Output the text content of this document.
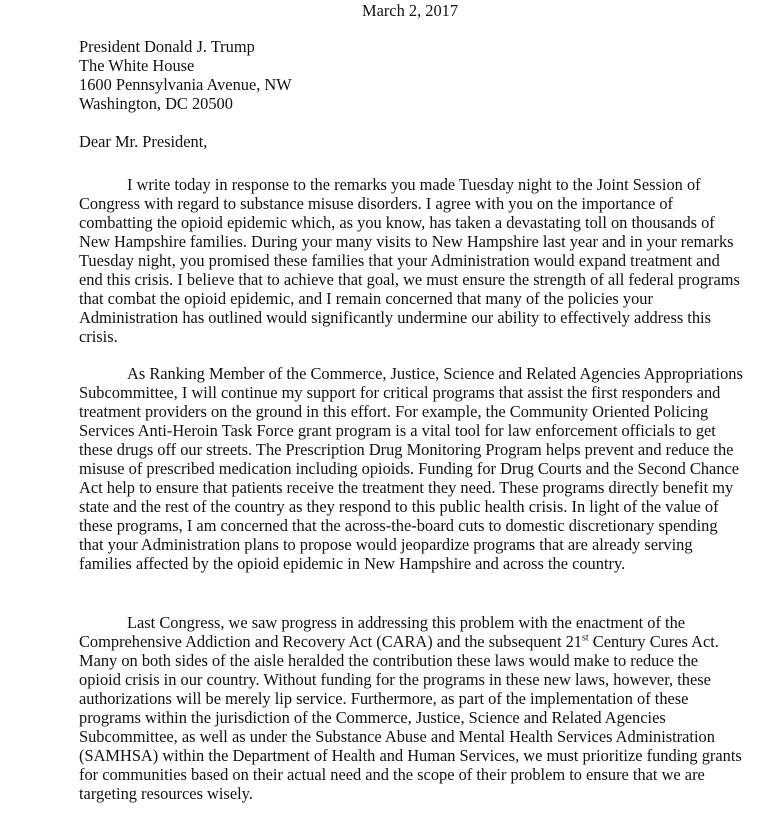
March 2, 2017
President Donald J. Trump
The White House
1600 Pennsylvania Avenue, NW
Washington, DC 20500
Dear Mr. President,

I write today in response to the remarks you made Tuesday night to the Joint Session of Congress with regard to substance misuse disorders. I agree with you on the importance of combatting the opioid epidemic which, as you know, has taken a devastating toll on thousands of New Hampshire families. During your many visits to New Hampshire last year and in your remarks Tuesday night, you promised these families that your Administration would expand treatment and end this crisis. I believe that to achieve that goal, we must ensure the strength of all federal programs that combat the opioid epidemic, and I remain concerned that many of the policies your Administration has outlined would significantly undermine our ability to effectively address this crisis.

As Ranking Member of the Commerce, Justice, Science and Related Agencies Appropriations Subcommittee, I will continue my support for critical programs that assist the first responders and treatment providers on the ground in this effort. For example, the Community Oriented Policing Services Anti-Heroin Task Force grant program is a vital tool for law enforcement officials to get these drugs off our streets. The Prescription Drug Monitoring Program helps prevent and reduce the misuse of prescribed medication including opioids. Funding for Drug Courts and the Second Chance Act help to ensure that patients receive the treatment they need. These programs directly benefit my state and the rest of the country as they respond to this public health crisis. In light of the value of these programs, I am concerned that the across-the-board cuts to domestic discretionary spending that your Administration plans to propose would jeopardize programs that are already serving families affected by the opioid epidemic in New Hampshire and across the country.

Last Congress, we saw progress in addressing this problem with the enactment of the Comprehensive Addiction and Recovery Act (CARA) and the subsequent 21st Century Cures Act. Many on both sides of the aisle heralded the contribution these laws would make to reduce the opioid crisis in our country. Without funding for the programs in these new laws, however, these authorizations will be merely lip service. Furthermore, as part of the implementation of these programs within the jurisdiction of the Commerce, Justice, Science and Related Agencies Subcommittee, as well as under the Substance Abuse and Mental Health Services Administration (SAMHSA) within the Department of Health and Human Services, we must prioritize funding grants for communities based on their actual need and the scope of their problem to ensure that we are targeting resources wisely.
